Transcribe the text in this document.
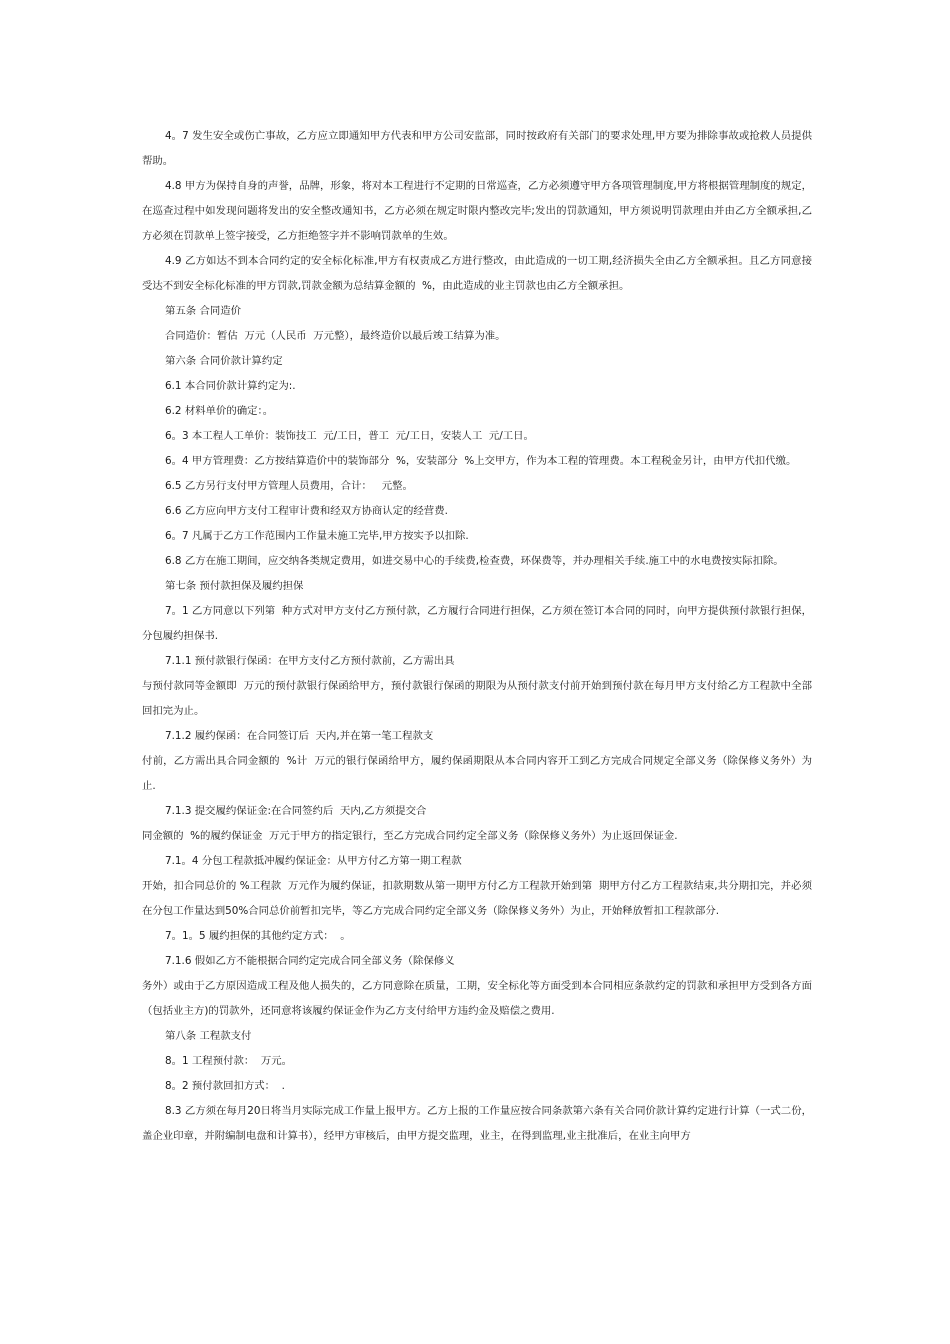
4。7 发生安全或伤亡事故，乙方应立即通知甲方代表和甲方公司安监部，同时按政府有关部门的要求处理,甲方要为排除事故或抢救人员提供帮助。

4.8 甲方为保持自身的声誉，品牌，形象，将对本工程进行不定期的日常巡查，乙方必须遵守甲方各项管理制度,甲方将根据管理制度的规定，在巡查过程中如发现问题将发出的安全整改通知书，乙方必须在规定时限内整改完毕;发出的罚款通知，甲方须说明罚款理由并由乙方全额承担,乙方必须在罚款单上签字接受，乙方拒绝签字并不影响罚款单的生效。

4.9 乙方如达不到本合同约定的安全标化标准,甲方有权责成乙方进行整改，由此造成的一切工期,经济损失全由乙方全额承担。且乙方同意接受达不到安全标化标准的甲方罚款,罚款金额为总结算金额的  %，由此造成的业主罚款也由乙方全额承担。

第五条 合同造价

合同造价：暂估  万元（人民币  万元整），最终造价以最后竣工结算为准。

第六条 合同价款计算约定

6.1 本合同价款计算约定为:.

6.2 材料单价的确定：。

6。3 本工程人工单价：装饰技工  元/工日，普工  元/工日，安装人工  元/工日。

6。4 甲方管理费：乙方按结算造价中的装饰部分  %，安装部分  %上交甲方，作为本工程的管理费。本工程税金另计，由甲方代扣代缴。

6.5 乙方另行支付甲方管理人员费用，合计：   元整。

6.6 乙方应向甲方支付工程审计费和经双方协商认定的经营费.

6。7 凡属于乙方工作范围内工作量未施工完毕,甲方按实予以扣除.

6.8 乙方在施工期间，应交纳各类规定费用，如进交易中心的手续费,检查费，环保费等，并办理相关手续.施工中的水电费按实际扣除。

第七条 预付款担保及履约担保

7。1 乙方同意以下列第  种方式对甲方支付乙方预付款，乙方履行合同进行担保，乙方须在签订本合同的同时，向甲方提供预付款银行担保，分包履约担保书.

7.1.1 预付款银行保函：在甲方支付乙方预付款前，乙方需出具

与预付款同等金额即  万元的预付款银行保函给甲方，预付款银行保函的期限为从预付款支付前开始到预付款在每月甲方支付给乙方工程款中全部回扣完为止。

7.1.2 履约保函：在合同签订后  天内,并在第一笔工程款支

付前，乙方需出具合同金额的  %计  万元的银行保函给甲方，履约保函期限从本合同内容开工到乙方完成合同规定全部义务（除保修义务外）为止.

7.1.3 提交履约保证金:在合同签约后  天内,乙方须提交合

同金额的  %的履约保证金  万元于甲方的指定银行，至乙方完成合同约定全部义务（除保修义务外）为止返回保证金.

7.1。4 分包工程款抵冲履约保证金：从甲方付乙方第一期工程款

开始，扣合同总价的 %工程款  万元作为履约保证，扣款期数从第一期甲方付乙方工程款开始到第  期甲方付乙方工程款结束,共分期扣完，并必须在分包工作量达到50%合同总价前暂扣完毕，等乙方完成合同约定全部义务（除保修义务外）为止，开始释放暂扣工程款部分.

7。1。5 履约担保的其他约定方式：  。

7.1.6 假如乙方不能根据合同约定完成合同全部义务（除保修义

务外）或由于乙方原因造成工程及他人损失的，乙方同意除在质量，工期，安全标化等方面受到本合同相应条款约定的罚款和承担甲方受到各方面（包括业主方)的罚款外，还同意将该履约保证金作为乙方支付给甲方违约金及赔偿之费用.

第八条 工程款支付

8。1 工程预付款：  万元。

8。2 预付款回扣方式：  .

8.3 乙方须在每月20日将当月实际完成工作量上报甲方。乙方上报的工作量应按合同条款第六条有关合同价款计算约定进行计算（一式二份，盖企业印章，并附编制电盘和计算书），经甲方审核后，由甲方提交监理，业主，在得到监理,业主批准后，在业主向甲方
